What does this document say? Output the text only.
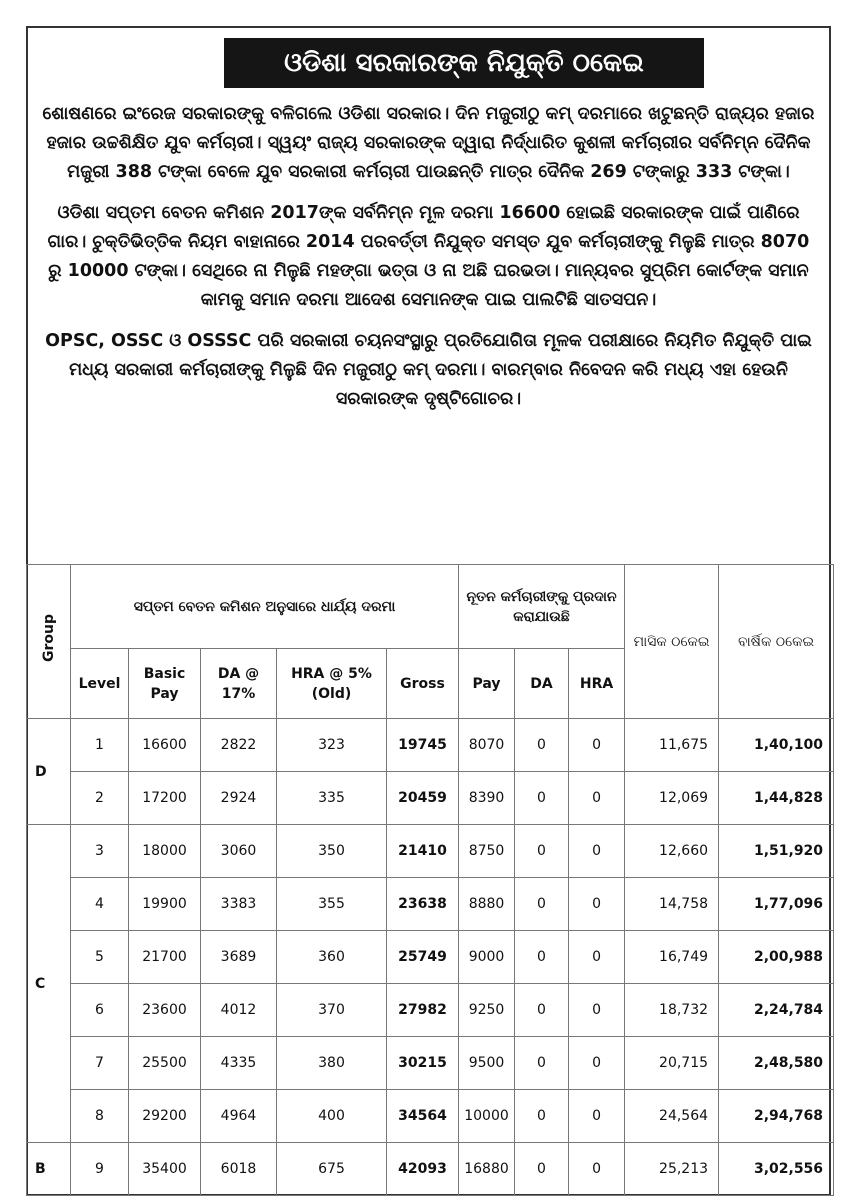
ଓଡିଶା ସରକାରଙ୍କ ନିଯୁକ୍ତି ଠକେଇ

ଶୋଷଣରେ ଇଂରେଜ ସରକାରଙ୍କୁ ବଳିଗଲେ ଓଡିଶା ସରକାର। ଦିନ ମଜୁରୀଠୁ କମ୍ ଦରମାରେ ଖଟୁଛନ୍ତି ରାଜ୍ୟର ହଜାର ହଜାର ଉଚ୍ଚଶିକ୍ଷିତ ଯୁବ କର୍ମଚାରୀ। ସ୍ୱୟଂ ରାଜ୍ୟ ସରକାରଙ୍କ ଦ୍ୱାରା ନିର୍ଦ୍ଧାରିତ କୁଶଳୀ କର୍ମଚାରୀର ସର୍ବନିମ୍ନ ଦୈନିକ ମଜୁରୀ 388 ଟଙ୍କା ବେଳେ ଯୁବ ସରକାରୀ କର୍ମଚାରୀ ପାଉଛନ୍ତି ମାତ୍ର ଦୈନିକ 269 ଟଙ୍କାରୁ 333 ଟଙ୍କା।

ଓଡିଶା ସପ୍ତମ ବେତନ କମିଶନ 2017ଙ୍କ ସର୍ବନିମ୍ନ ମୂଳ ଦରମା 16600 ହୋଇଛି ସରକାରଙ୍କ ପାଇଁ ପାଣିରେ ଗାର। ଚୁକ୍ତିଭିତ୍ତିକ ନିୟମ ବାହାନାରେ 2014 ପରବର୍ତ୍ତୀ ନିଯୁକ୍ତ ସମସ୍ତ ଯୁବ କର୍ମଚାରୀଙ୍କୁ ମିଳୁଛି ମାତ୍ର 8070 ରୁ 10000 ଟଙ୍କା। ସେଥିରେ ନା ମିଳୁଛି ମହଙ୍ଗା ଭତ୍ତା ଓ ନା ଅଛି ଘରଭଡା। ମାନ୍ୟବର ସୁପ୍ରିମ କୋର୍ଟଙ୍କ ସମାନ କାମକୁ ସମାନ ଦରମା ଆଦେଶ ସେମାନଙ୍କ ପାଇ ପାଲଟିଛି ସାତସପନ।

OPSC, OSSC ଓ OSSSC ପରି ସରକାରୀ ଚୟନସଂସ୍ଥାରୁ ପ୍ରତିଯୋଗିତା ମୂଳକ ପରୀକ୍ଷାରେ ନିୟମିତ ନିଯୁକ୍ତି ପାଇ ମଧ୍ୟ ସରକାରୀ କର୍ମଚାରୀଙ୍କୁ ମିଳୁଛି ଦିନ ମଜୁରୀଠୁ କମ୍ ଦରମା। ବାରମ୍ବାର ନିବେଦନ କରି ମଧ୍ୟ ଏହା ହେଉନି ସରକାରଙ୍କ ଦୃଷ୍ଟିଗୋଚର।

Group	ସପ୍ତମ ବେତନ କମିଶନ ଅନୁସାରେ ଧାର୍ଯ୍ୟ ଦରମା					ନୂତନ କର୍ମଚାରୀଙ୍କୁ ପ୍ରଦାନ କରାଯାଉଛି			ମାସିକ ଠକେଇ	ବାର୍ଷିକ ଠକେଇ
	Level	Basic Pay	DA @ 17%	HRA @ 5% (Old)	Gross	Pay	DA	HRA		
D	1	16600	2822	323	19745	8070	0	0	11,675	1,40,100
	2	17200	2924	335	20459	8390	0	0	12,069	1,44,828
C	3	18000	3060	350	21410	8750	0	0	12,660	1,51,920
	4	19900	3383	355	23638	8880	0	0	14,758	1,77,096
	5	21700	3689	360	25749	9000	0	0	16,749	2,00,988
	6	23600	4012	370	27982	9250	0	0	18,732	2,24,784
	7	25500	4335	380	30215	9500	0	0	20,715	2,48,580
	8	29200	4964	400	34564	10000	0	0	24,564	2,94,768
B	9	35400	6018	675	42093	16880	0	0	25,213	3,02,556
